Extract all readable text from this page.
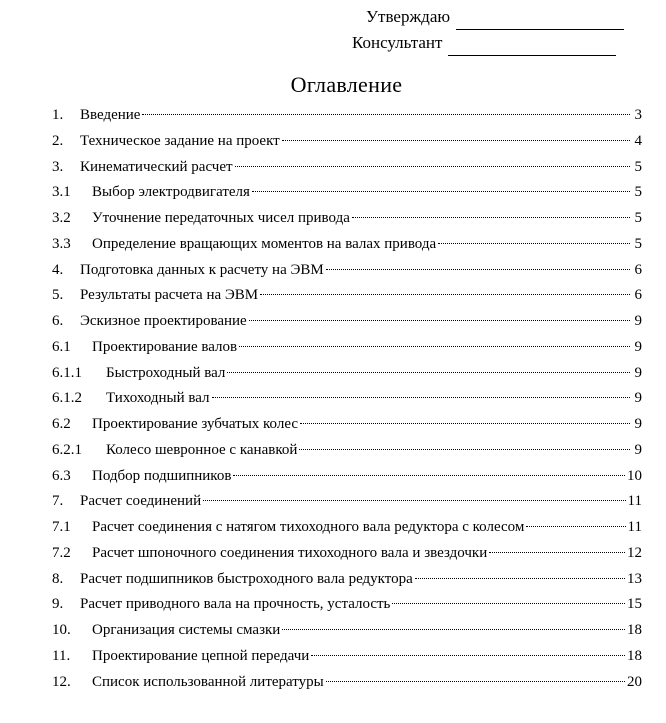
Утверждаю
Консультант
Оглавление
1.	Введение	3
2.	Техническое задание на проект	4
3.	Кинематический расчет	5
3.1	Выбор электродвигателя	5
3.2	Уточнение передаточных чисел привода	5
3.3	Определение вращающих моментов на валах привода	5
4.	Подготовка данных к расчету на ЭВМ	6
5.	Результаты расчета на ЭВМ	6
6.	Эскизное проектирование	9
6.1	Проектирование валов	9
6.1.1	Быстроходный вал	9
6.1.2	Тихоходный вал	9
6.2	Проектирование зубчатых колес	9
6.2.1	Колесо шевронное с канавкой	9
6.3	Подбор подшипников	10
7.	Расчет соединений	11
7.1	Расчет соединения с натягом тихоходного вала редуктора с колесом	11
7.2	Расчет шпоночного соединения тихоходного вала и звездочки	12
8.	Расчет подшипников быстроходного вала редуктора	13
9.	Расчет приводного вала на прочность, усталость	15
10.	Организация системы смазки	18
11.	Проектирование цепной передачи	18
12.	Список использованной литературы	20
